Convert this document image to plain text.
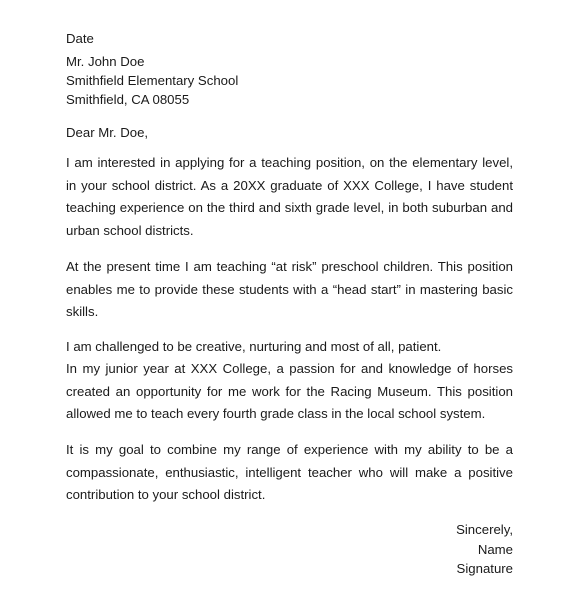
Date
Mr. John Doe
Smithfield Elementary School
Smithfield, CA 08055
Dear Mr. Doe,
I am interested in applying for a teaching position, on the elementary level, in your school district. As a 20XX graduate of XXX College, I have student teaching experience on the third and sixth grade level, in both suburban and urban school districts.
At the present time I am teaching “at risk” preschool children. This position enables me to provide these students with a “head start” in mastering basic skills.
I am challenged to be creative, nurturing and most of all, patient.
In my junior year at XXX College, a passion for and knowledge of horses created an opportunity for me work for the Racing Museum. This position allowed me to teach every fourth grade class in the local school system.
It is my goal to combine my range of experience with my ability to be a compassionate, enthusiastic, intelligent teacher who will make a positive contribution to your school district.
Sincerely,
Name
Signature
